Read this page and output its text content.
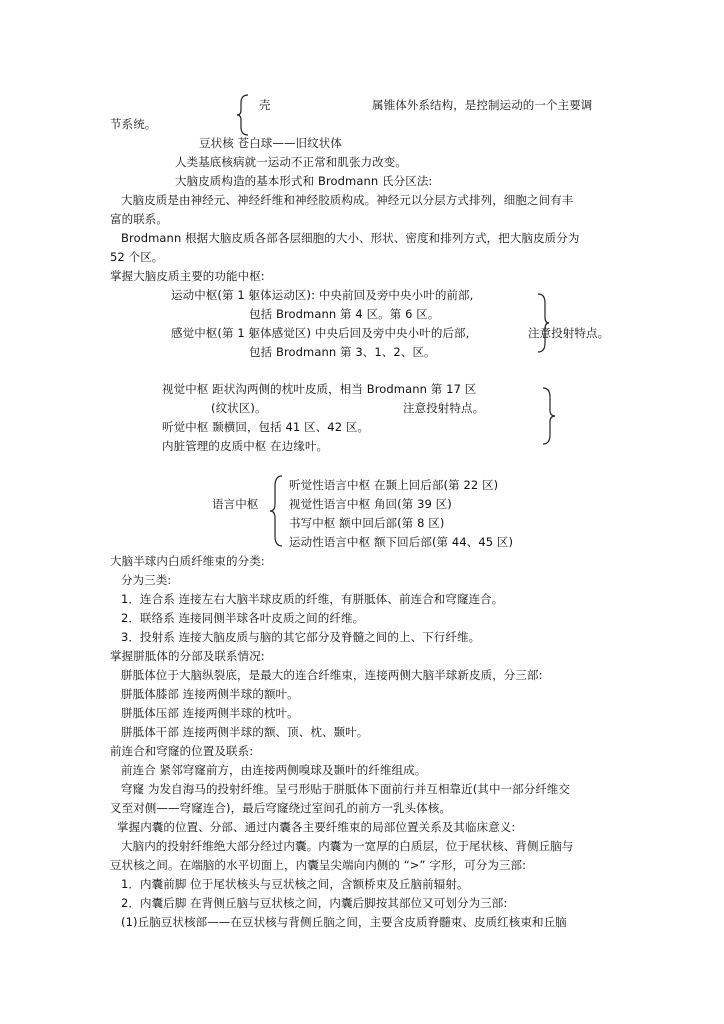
壳	属锥体外系结构，是控制运动的一个主要调
节系统。
豆状核 苍白球——旧纹状体
人类基底核病就一运动不正常和肌张力改变。
大脑皮质构造的基本形式和 Brodmann 氏分区法:
大脑皮质是由神经元、神经纤维和神经胶质构成。神经元以分层方式排列，细胞之间有丰
富的联系。
Brodmann 根据大脑皮质各部各层细胞的大小、形状、密度和排列方式，把大脑皮质分为
52 个区。
掌握大脑皮质主要的功能中枢:
运动中枢(第 1 躯体运动区): 中央前回及旁中央小叶的前部,
包括 Brodmann 第 4 区。第 6 区。
感觉中枢(第 1 躯体感觉区) 中央后回及旁中央小叶的后部,	注意投射特点。
包括 Brodmann 第 3、1、2、区。
视觉中枢 距状沟两侧的枕叶皮质，相当 Brodmann 第 17 区
(纹状区)。	注意投射特点。
听觉中枢 颞横回，包括 41 区、42 区。
内脏管理的皮质中枢 在边缘叶。
语言中枢
听觉性语言中枢 在颞上回后部(第 22 区)
视觉性语言中枢 角回(第 39 区)
书写中枢 额中回后部(第 8 区)
运动性语言中枢 额下回后部(第 44、45 区)
大脑半球内白质纤维束的分类:
分为三类:
1．连合系 连接左右大脑半球皮质的纤维，有胼胝体、前连合和穹窿连合。
2．联络系 连接同侧半球各叶皮质之间的纤维。
3．投射系 连接大脑皮质与脑的其它部分及脊髓之间的上、下行纤维。
掌握胼胝体的分部及联系情况:
胼胝体位于大脑纵裂底，是最大的连合纤维束，连接两侧大脑半球新皮质，分三部:
胼胝体膝部 连接两侧半球的额叶。
胼胝体压部 连接两侧半球的枕叶。
胼胝体干部 连接两侧半球的额、顶、枕、颞叶。
前连合和穹窿的位置及联系:
前连合 紧邻穹窿前方，由连接两侧嗅球及颞叶的纤维组成。
穹窿 为发自海马的投射纤维。呈弓形贴于胼胝体下面前行并互相靠近(其中一部分纤维交
叉至对侧——穹窿连合)，最后穹窿绕过室间孔的前方一乳头体核。
掌握内囊的位置、分部、通过内囊各主要纤维束的局部位置关系及其临床意义:
大脑内的投射纤维绝大部分经过内囊。内囊为一宽厚的白质层，位于尾状核、背侧丘脑与
豆状核之间。在端脑的水平切面上，内囊呈尖端向内侧的 “>” 字形，可分为三部:
1．内囊前脚 位于尾状核头与豆状核之间，含额桥束及丘脑前辐射。
2．内囊后脚 在背侧丘脑与豆状核之间，内囊后脚按其部位又可划分为三部:
(1)丘脑豆状核部——在豆状核与背侧丘脑之间，主要含皮质脊髓束、皮质红核束和丘脑
